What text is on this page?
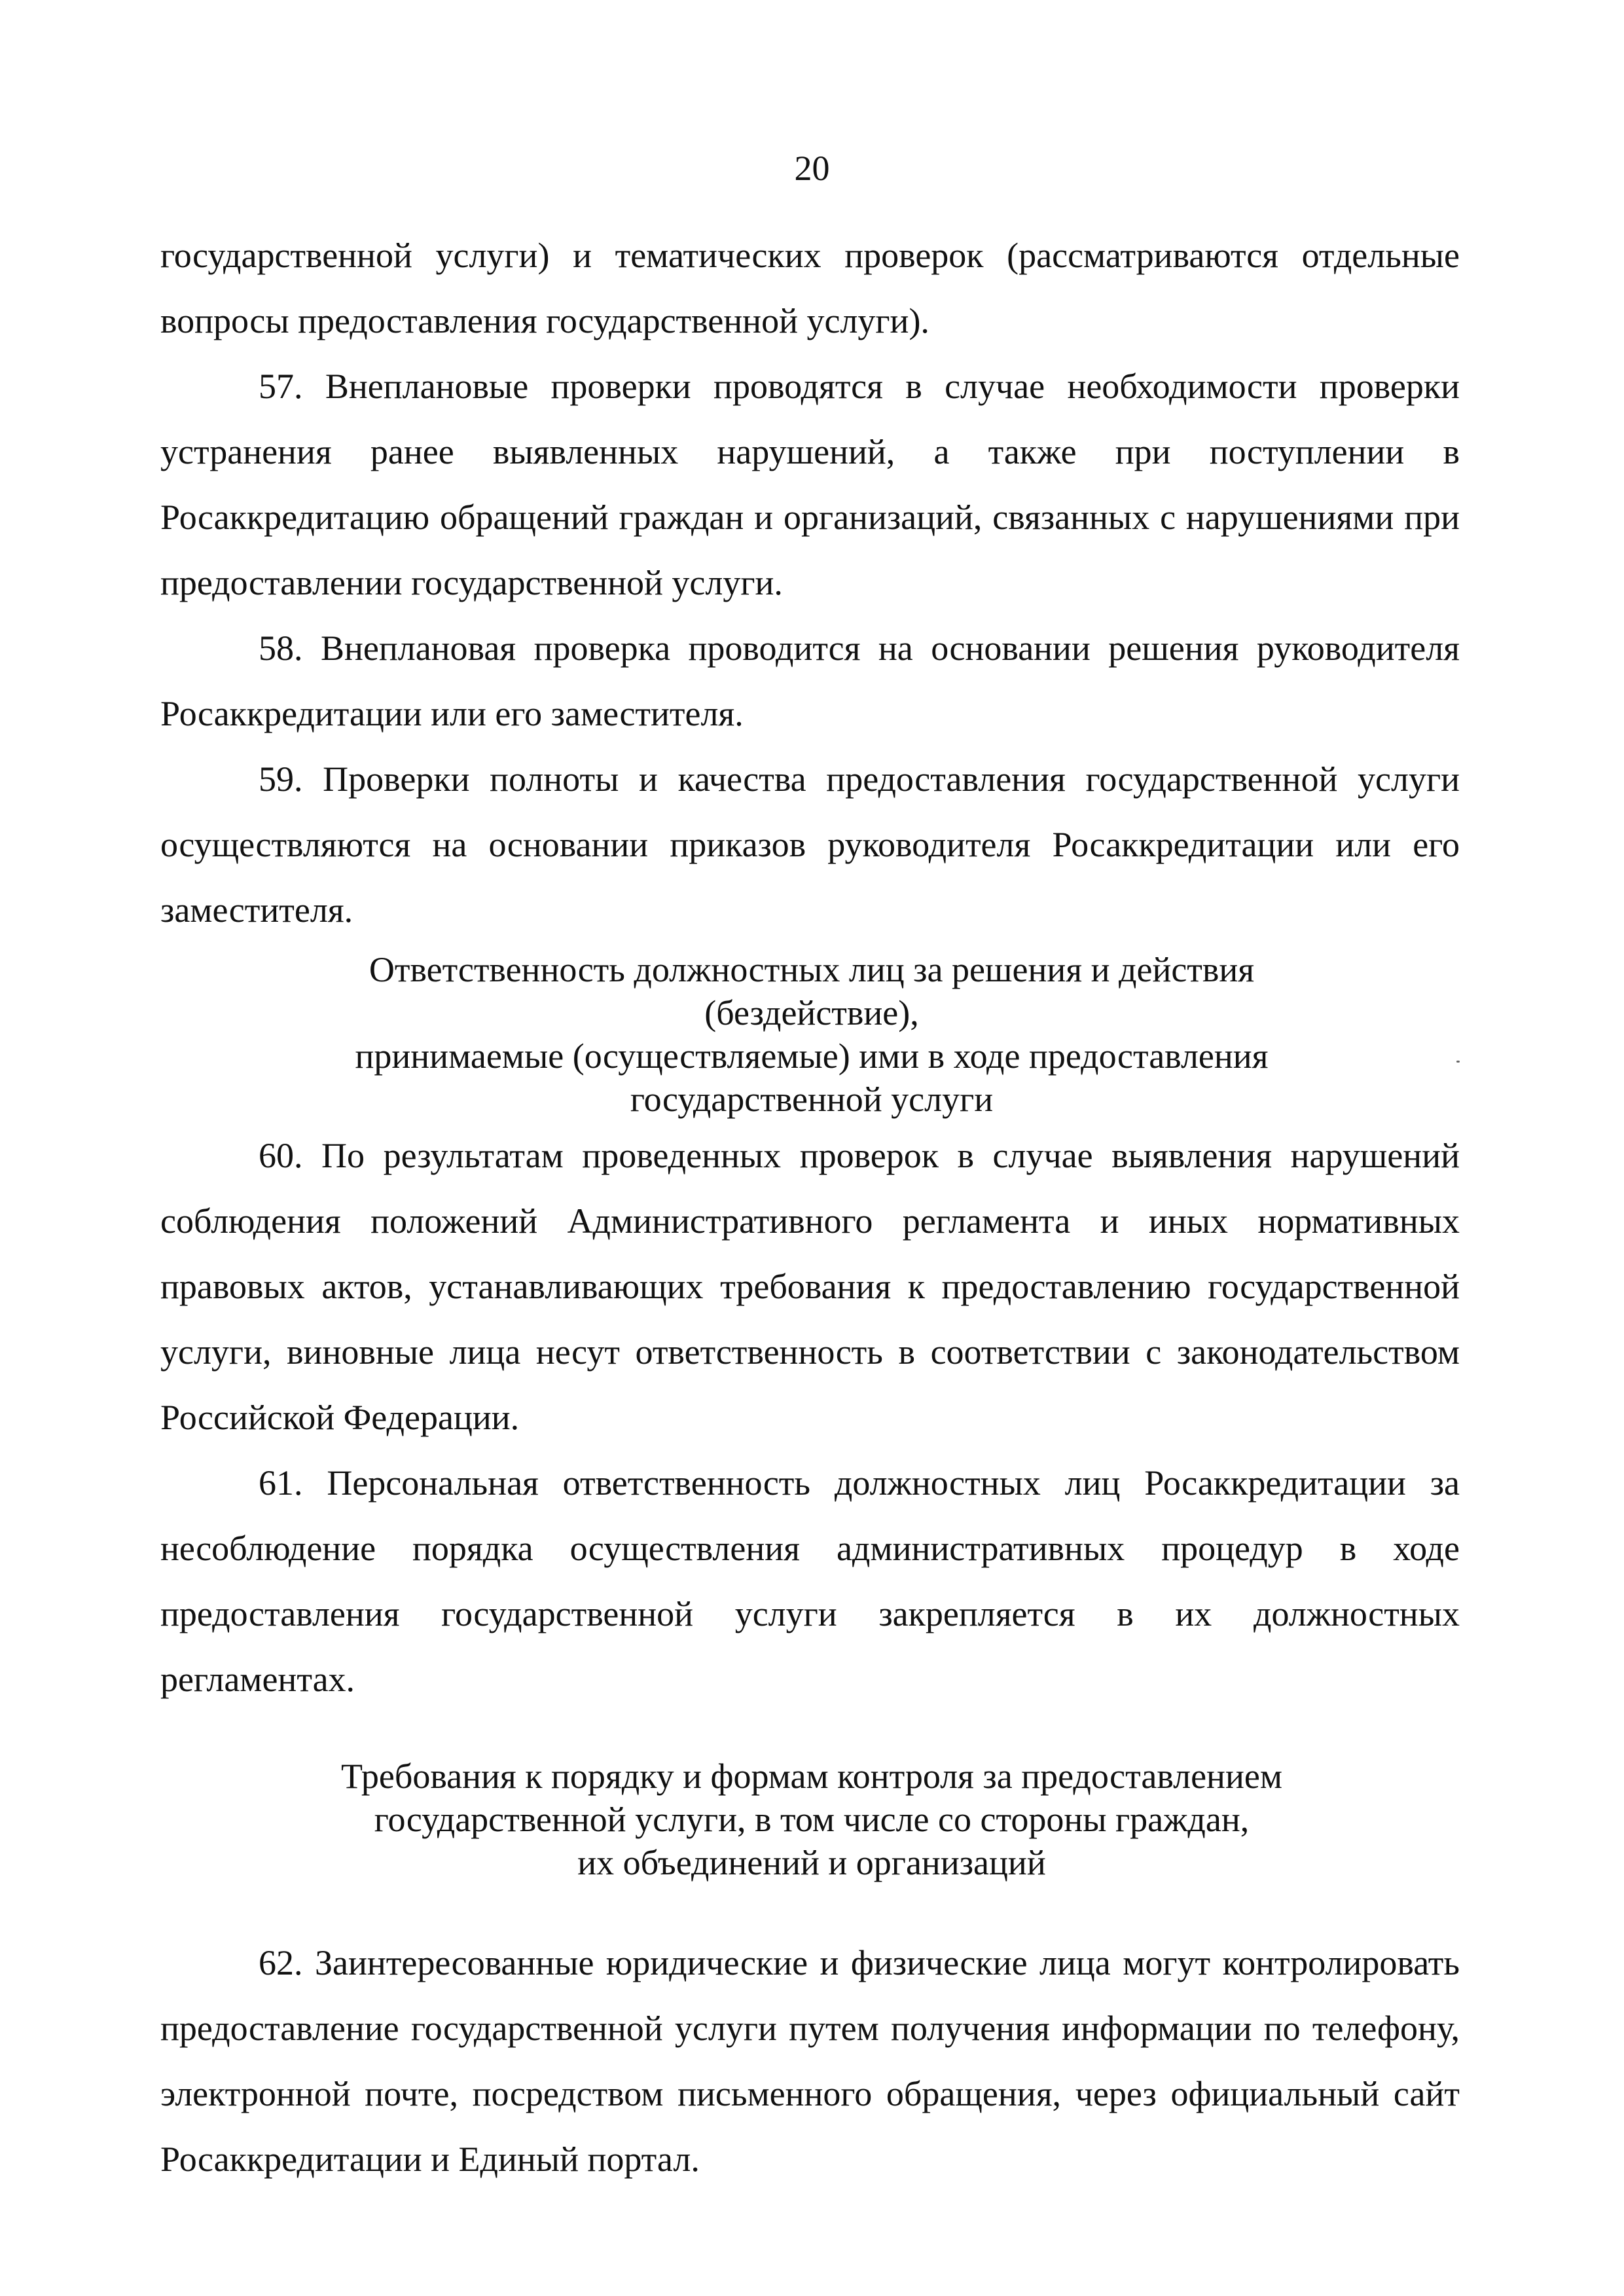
20

государственной услуги) и тематических проверок (рассматриваются отдельные вопросы предоставления государственной услуги).

57. Внеплановые проверки проводятся в случае необходимости проверки устранения ранее выявленных нарушений, а также при поступлении в Росаккредитацию обращений граждан и организаций, связанных с нарушениями при предоставлении государственной услуги.

58. Внеплановая проверка проводится на основании решения руководителя Росаккредитации или его заместителя.

59. Проверки полноты и качества предоставления государственной услуги осуществляются на основании приказов руководителя Росаккредитации или его заместителя.

Ответственность должностных лиц за решения и действия (бездействие),
принимаемые (осуществляемые) ими в ходе предоставления
государственной услуги

60. По результатам проведенных проверок в случае выявления нарушений соблюдения положений Административного регламента и иных нормативных правовых актов, устанавливающих требования к предоставлению государственной услуги, виновные лица несут ответственность в соответствии с законодательством Российской Федерации.

61. Персональная ответственность должностных лиц Росаккредитации за несоблюдение порядка осуществления административных процедур в ходе предоставления государственной услуги закрепляется в их должностных регламентах.

Требования к порядку и формам контроля за предоставлением
государственной услуги, в том числе со стороны граждан,
их объединений и организаций

62. Заинтересованные юридические и физические лица могут контролировать предоставление государственной услуги путем получения информации по телефону, электронной почте, посредством письменного обращения, через официальный сайт Росаккредитации и Единый портал.
